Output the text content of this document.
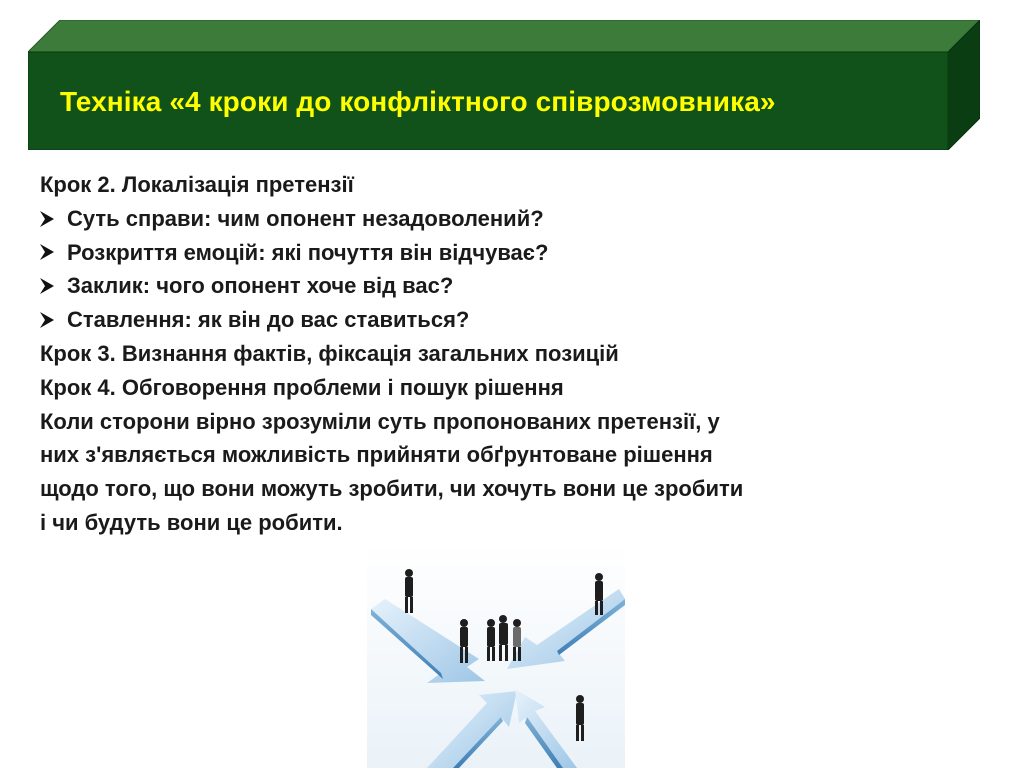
Техніка «4 кроки до конфліктного співрозмовника»
Крок 2. Локалізація претензії
Суть справи: чим опонент незадоволений?
Розкриття емоцій: які почуття він відчуває?
Заклик: чого опонент хоче від вас?
Ставлення: як він до вас ставиться?
Крок 3. Визнання фактів, фіксація загальних позицій
Крок 4. Обговорення проблеми і пошук рішення
Коли сторони вірно зрозуміли суть пропонованих претензії, у
них з'являється можливість прийняти обґрунтоване рішення
щодо того, що вони можуть зробити, чи хочуть вони це зробити
і чи будуть вони це робити.
